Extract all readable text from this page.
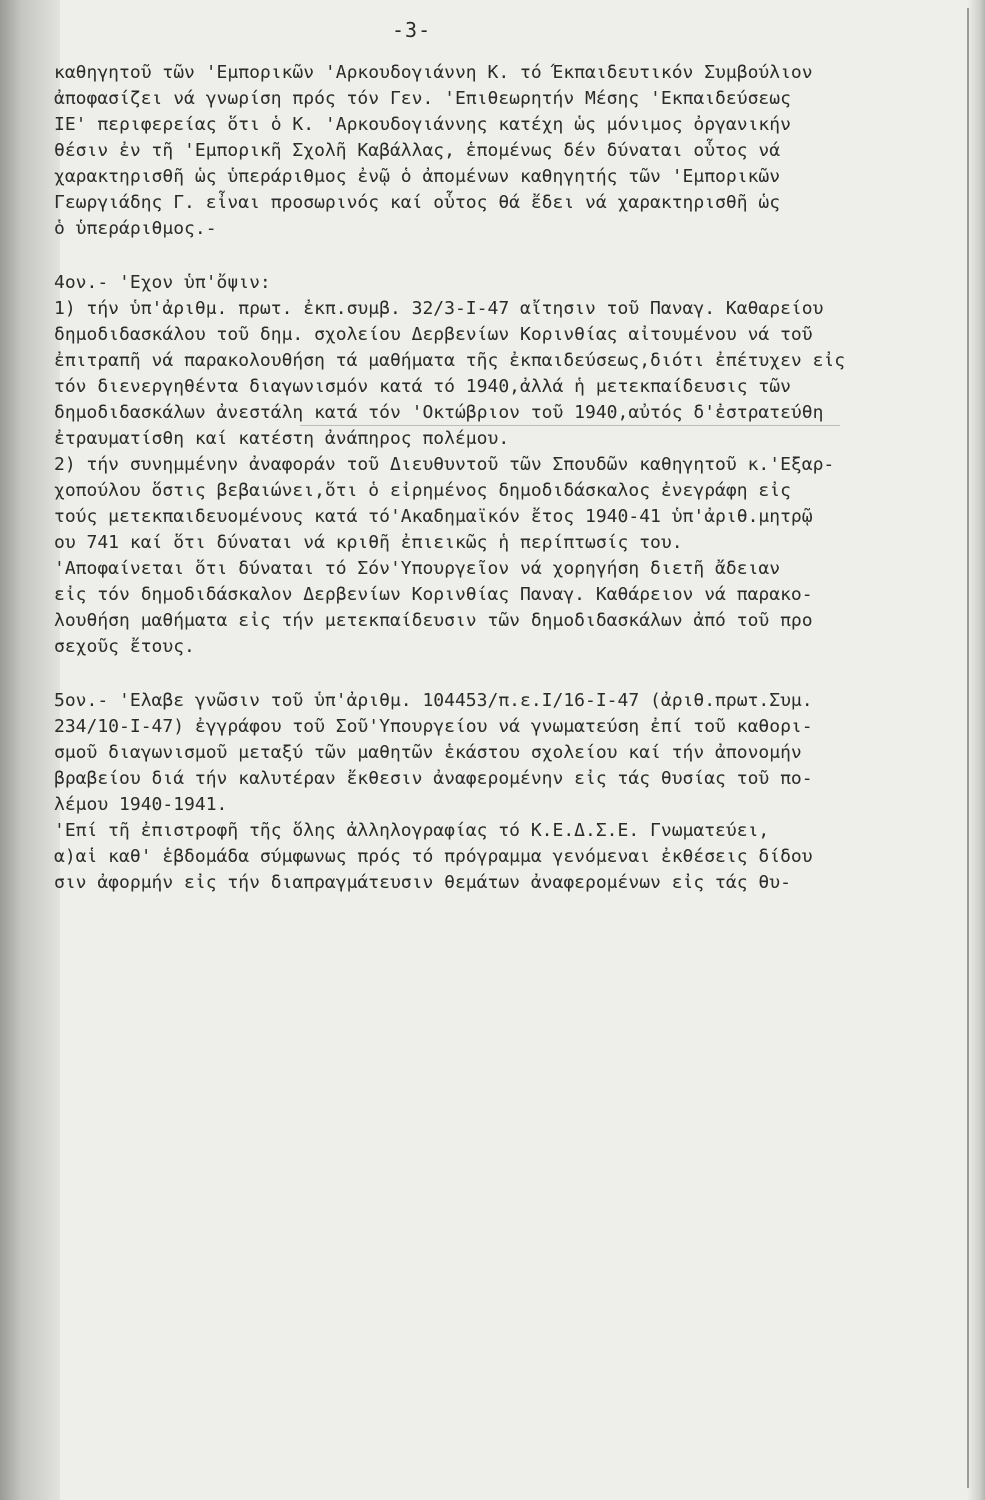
-3-
καθηγητοῦ τῶν 'Εμπορικῶν 'Αρκουδογιάννη Κ. τό Έκπαιδευτικόν Συμβούλιον
ἀποφασίζει νά γνωρίση πρός τόν Γεν. 'Επιθεωρητήν Μέσης 'Εκπαιδεύσεως
ΙΕ' περιφερείας ὅτι ὁ Κ. 'Αρκουδογιάννης κατέχη ὡς μόνιμος ὀργανικήν
θέσιν ἐν τῆ 'Εμπορικῆ Σχολῆ Καβάλλας, ἑπομένως δέν δύναται οὗτος νά
χαρακτηρισθῆ ὡς ὑπεράριθμος ἐνῷ ὁ ἀπομένων καθηγητής τῶν 'Εμπορικῶν
Γεωργιάδης Γ. εἶναι προσωρινός καί οὗτος θά ἔδει νά χαρακτηρισθῆ ὡς
ὁ ὑπεράριθμος.-
4ον.- 'Εχον ὑπ'ὄψιν:
1) τήν ὑπ'ἀριθμ. πρωτ. ἐκπ.συμβ. 32/3-Ι-47 αἴτησιν τοῦ Παναγ. Καθαρείου
δημοδιδασκάλου τοῦ δημ. σχολείου Δερβενίων Κορινθίας αἰτουμένου νά τοῦ
ἐπιτραπῆ νά παρακολουθήση τά μαθήματα τῆς ἐκπαιδεύσεως,διότι ἐπέτυχεν εἰς
τόν διενεργηθέντα διαγωνισμόν κατά τό 1940,ἀλλά ἡ μετεκπαίδευσις τῶν
δημοδιδασκάλων ἀνεστάλη κατά τόν 'Οκτώβριον τοῦ 1940,αὐτός δ'ἐστρατεύθη
ἐτραυματίσθη καί κατέστη ἀνάπηρος πολέμου.
2) τήν συνημμένην ἀναφοράν τοῦ Διευθυντοῦ τῶν Σπουδῶν καθηγητοῦ κ.'Εξαρ-
χοπούλου ὅστις βεβαιώνει,ὅτι ὁ εἰρημένος δημοδιδάσκαλος ἐνεγράφη εἰς
τούς μετεκπαιδευομένους κατά τό'Ακαδημαϊκόν ἔτος 1940-41 ὑπ'ἀριθ.μητρῷ
ου 741 καί ὅτι δύναται νά κριθῆ ἐπιεικῶς ἡ περίπτωσίς του.
'Αποφαίνεται ὅτι δύναται τό Σόν'Υπουργεῖον νά χορηγήση διετῆ ἄδειαν
εἰς τόν δημοδιδάσκαλον Δερβενίων Κορινθίας Παναγ. Καθάρειον νά παρακο-
λουθήση μαθήματα εἰς τήν μετεκπαίδευσιν τῶν δημοδιδασκάλων ἀπό τοῦ προ
σεχοῦς ἔτους.
5ον.- 'Ελαβε γνῶσιν τοῦ ὑπ'ἀριθμ. 104453/π.ε.Ι/16-Ι-47 (ἀριθ.πρωτ.Συμ.
234/10-Ι-47) ἐγγράφου τοῦ Σοῦ'Υπουργείου νά γνωματεύση ἐπί τοῦ καθορι-
σμοῦ διαγωνισμοῦ μεταξύ τῶν μαθητῶν ἑκάστου σχολείου καί τήν ἀπονομήν
βραβείου διά τήν καλυτέραν ἔκθεσιν ἀναφερομένην εἰς τάς θυσίας τοῦ πο-
λέμου 1940-1941.
'Επί τῆ ἐπιστροφῆ τῆς ὅλης ἀλληλογραφίας τό Κ.Ε.Δ.Σ.Ε. Γνωματεύει,
α)αἱ καθ' ἑβδομάδα σύμφωνως πρός τό πρόγραμμα γενόμεναι ἐκθέσεις δίδου
σιν ἀφορμήν εἰς τήν διαπραγμάτευσιν θεμάτων ἀναφερομένων εἰς τάς θυ-
